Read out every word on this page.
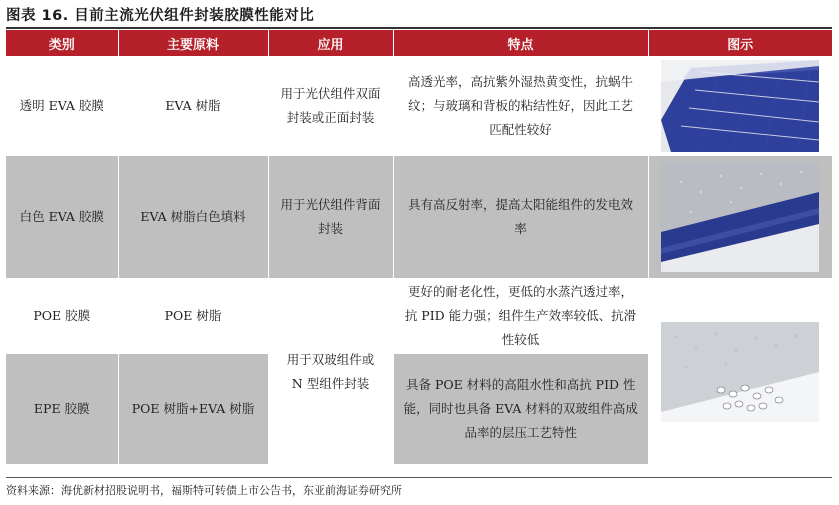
图表 16. 目前主流光伏组件封装胶膜性能对比
类别	主要原料	应用	特点	图示

透明 EVA 胶膜	EVA 树脂	用于光伏组件双面封装或正面封装	高透光率，高抗紫外湿热黄变性，抗蜗牛纹；与玻璃和背板的粘结性好，因此工艺匹配性较好	

白色 EVA 胶膜	EVA 树脂白色填料	用于光伏组件背面封装	具有高反射率，提高太阳能组件的发电效率	

POE 胶膜	POE 树脂	用于双玻组件或 N 型组件封装	更好的耐老化性，更低的水蒸汽透过率，抗 PID 能力强；组件生产效率较低、抗滑性较低	

EPE 胶膜	POE 树脂+EVA 树脂		具备 POE 材料的高阻水性和高抗 PID 性能，同时也具备 EVA 材料的双玻组件高成品率的层压工艺特性	
资料来源：海优新材招股说明书，福斯特可转债上市公告书，东亚前海证券研究所
